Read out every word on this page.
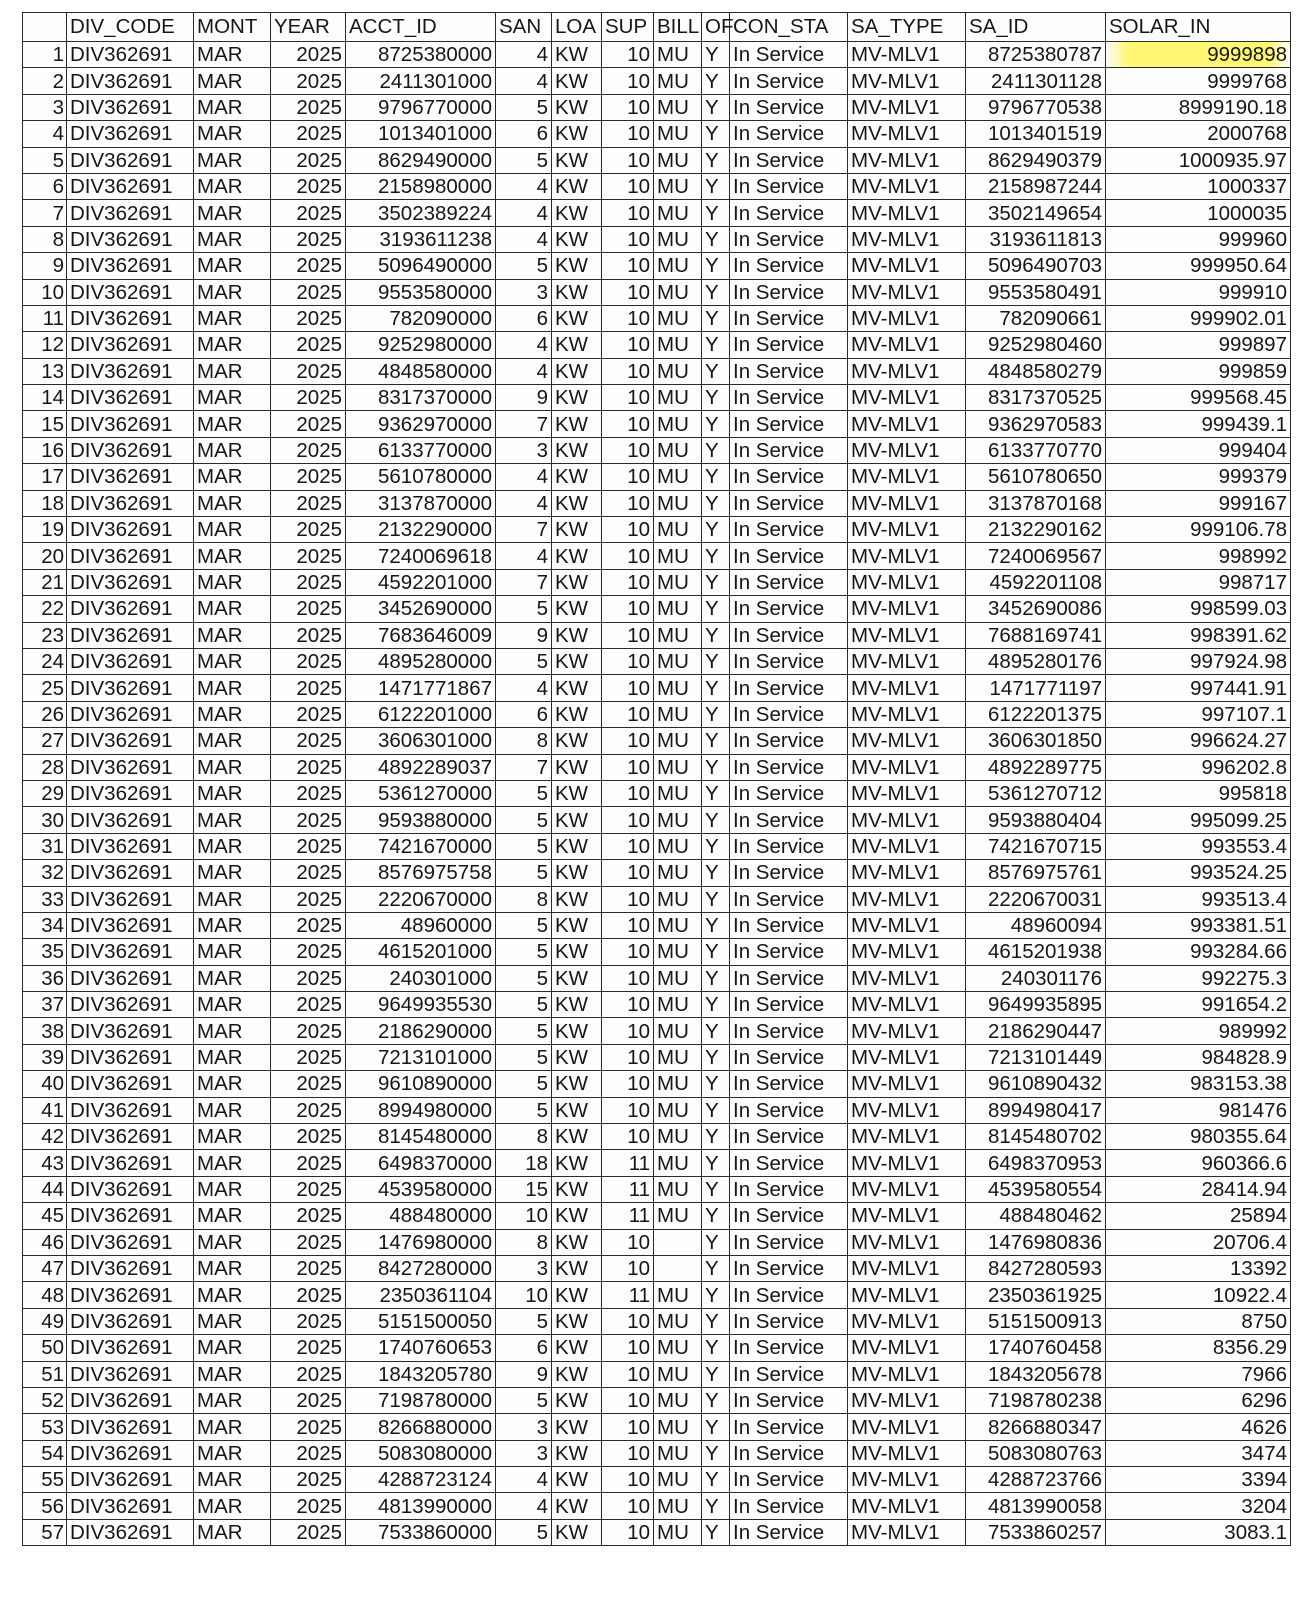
	DIV_CODE	MONT	YEAR	ACCT_ID	SAN	LOA	SUP	BILL	OF	CON_STA	SA_TYPE	SA_ID	SOLAR_IN
1	DIV362691	MAR	2025	8725380000	4	KW	10	MU	Y	In Service	MV-MLV1	8725380787	9999898
2	DIV362691	MAR	2025	2411301000	4	KW	10	MU	Y	In Service	MV-MLV1	2411301128	9999768
3	DIV362691	MAR	2025	9796770000	5	KW	10	MU	Y	In Service	MV-MLV1	9796770538	8999190.18
4	DIV362691	MAR	2025	1013401000	6	KW	10	MU	Y	In Service	MV-MLV1	1013401519	2000768
5	DIV362691	MAR	2025	8629490000	5	KW	10	MU	Y	In Service	MV-MLV1	8629490379	1000935.97
6	DIV362691	MAR	2025	2158980000	4	KW	10	MU	Y	In Service	MV-MLV1	2158987244	1000337
7	DIV362691	MAR	2025	3502389224	4	KW	10	MU	Y	In Service	MV-MLV1	3502149654	1000035
8	DIV362691	MAR	2025	3193611238	4	KW	10	MU	Y	In Service	MV-MLV1	3193611813	999960
9	DIV362691	MAR	2025	5096490000	5	KW	10	MU	Y	In Service	MV-MLV1	5096490703	999950.64
10	DIV362691	MAR	2025	9553580000	3	KW	10	MU	Y	In Service	MV-MLV1	9553580491	999910
11	DIV362691	MAR	2025	782090000	6	KW	10	MU	Y	In Service	MV-MLV1	782090661	999902.01
12	DIV362691	MAR	2025	9252980000	4	KW	10	MU	Y	In Service	MV-MLV1	9252980460	999897
13	DIV362691	MAR	2025	4848580000	4	KW	10	MU	Y	In Service	MV-MLV1	4848580279	999859
14	DIV362691	MAR	2025	8317370000	9	KW	10	MU	Y	In Service	MV-MLV1	8317370525	999568.45
15	DIV362691	MAR	2025	9362970000	7	KW	10	MU	Y	In Service	MV-MLV1	9362970583	999439.1
16	DIV362691	MAR	2025	6133770000	3	KW	10	MU	Y	In Service	MV-MLV1	6133770770	999404
17	DIV362691	MAR	2025	5610780000	4	KW	10	MU	Y	In Service	MV-MLV1	5610780650	999379
18	DIV362691	MAR	2025	3137870000	4	KW	10	MU	Y	In Service	MV-MLV1	3137870168	999167
19	DIV362691	MAR	2025	2132290000	7	KW	10	MU	Y	In Service	MV-MLV1	2132290162	999106.78
20	DIV362691	MAR	2025	7240069618	4	KW	10	MU	Y	In Service	MV-MLV1	7240069567	998992
21	DIV362691	MAR	2025	4592201000	7	KW	10	MU	Y	In Service	MV-MLV1	4592201108	998717
22	DIV362691	MAR	2025	3452690000	5	KW	10	MU	Y	In Service	MV-MLV1	3452690086	998599.03
23	DIV362691	MAR	2025	7683646009	9	KW	10	MU	Y	In Service	MV-MLV1	7688169741	998391.62
24	DIV362691	MAR	2025	4895280000	5	KW	10	MU	Y	In Service	MV-MLV1	4895280176	997924.98
25	DIV362691	MAR	2025	1471771867	4	KW	10	MU	Y	In Service	MV-MLV1	1471771197	997441.91
26	DIV362691	MAR	2025	6122201000	6	KW	10	MU	Y	In Service	MV-MLV1	6122201375	997107.1
27	DIV362691	MAR	2025	3606301000	8	KW	10	MU	Y	In Service	MV-MLV1	3606301850	996624.27
28	DIV362691	MAR	2025	4892289037	7	KW	10	MU	Y	In Service	MV-MLV1	4892289775	996202.8
29	DIV362691	MAR	2025	5361270000	5	KW	10	MU	Y	In Service	MV-MLV1	5361270712	995818
30	DIV362691	MAR	2025	9593880000	5	KW	10	MU	Y	In Service	MV-MLV1	9593880404	995099.25
31	DIV362691	MAR	2025	7421670000	5	KW	10	MU	Y	In Service	MV-MLV1	7421670715	993553.4
32	DIV362691	MAR	2025	8576975758	5	KW	10	MU	Y	In Service	MV-MLV1	8576975761	993524.25
33	DIV362691	MAR	2025	2220670000	8	KW	10	MU	Y	In Service	MV-MLV1	2220670031	993513.4
34	DIV362691	MAR	2025	48960000	5	KW	10	MU	Y	In Service	MV-MLV1	48960094	993381.51
35	DIV362691	MAR	2025	4615201000	5	KW	10	MU	Y	In Service	MV-MLV1	4615201938	993284.66
36	DIV362691	MAR	2025	240301000	5	KW	10	MU	Y	In Service	MV-MLV1	240301176	992275.3
37	DIV362691	MAR	2025	9649935530	5	KW	10	MU	Y	In Service	MV-MLV1	9649935895	991654.2
38	DIV362691	MAR	2025	2186290000	5	KW	10	MU	Y	In Service	MV-MLV1	2186290447	989992
39	DIV362691	MAR	2025	7213101000	5	KW	10	MU	Y	In Service	MV-MLV1	7213101449	984828.9
40	DIV362691	MAR	2025	9610890000	5	KW	10	MU	Y	In Service	MV-MLV1	9610890432	983153.38
41	DIV362691	MAR	2025	8994980000	5	KW	10	MU	Y	In Service	MV-MLV1	8994980417	981476
42	DIV362691	MAR	2025	8145480000	8	KW	10	MU	Y	In Service	MV-MLV1	8145480702	980355.64
43	DIV362691	MAR	2025	6498370000	18	KW	11	MU	Y	In Service	MV-MLV1	6498370953	960366.6
44	DIV362691	MAR	2025	4539580000	15	KW	11	MU	Y	In Service	MV-MLV1	4539580554	28414.94
45	DIV362691	MAR	2025	488480000	10	KW	11	MU	Y	In Service	MV-MLV1	488480462	25894
46	DIV362691	MAR	2025	1476980000	8	KW	10		Y	In Service	MV-MLV1	1476980836	20706.4
47	DIV362691	MAR	2025	8427280000	3	KW	10		Y	In Service	MV-MLV1	8427280593	13392
48	DIV362691	MAR	2025	2350361104	10	KW	11	MU	Y	In Service	MV-MLV1	2350361925	10922.4
49	DIV362691	MAR	2025	5151500050	5	KW	10	MU	Y	In Service	MV-MLV1	5151500913	8750
50	DIV362691	MAR	2025	1740760653	6	KW	10	MU	Y	In Service	MV-MLV1	1740760458	8356.29
51	DIV362691	MAR	2025	1843205780	9	KW	10	MU	Y	In Service	MV-MLV1	1843205678	7966
52	DIV362691	MAR	2025	7198780000	5	KW	10	MU	Y	In Service	MV-MLV1	7198780238	6296
53	DIV362691	MAR	2025	8266880000	3	KW	10	MU	Y	In Service	MV-MLV1	8266880347	4626
54	DIV362691	MAR	2025	5083080000	3	KW	10	MU	Y	In Service	MV-MLV1	5083080763	3474
55	DIV362691	MAR	2025	4288723124	4	KW	10	MU	Y	In Service	MV-MLV1	4288723766	3394
56	DIV362691	MAR	2025	4813990000	4	KW	10	MU	Y	In Service	MV-MLV1	4813990058	3204
57	DIV362691	MAR	2025	7533860000	5	KW	10	MU	Y	In Service	MV-MLV1	7533860257	3083.1
